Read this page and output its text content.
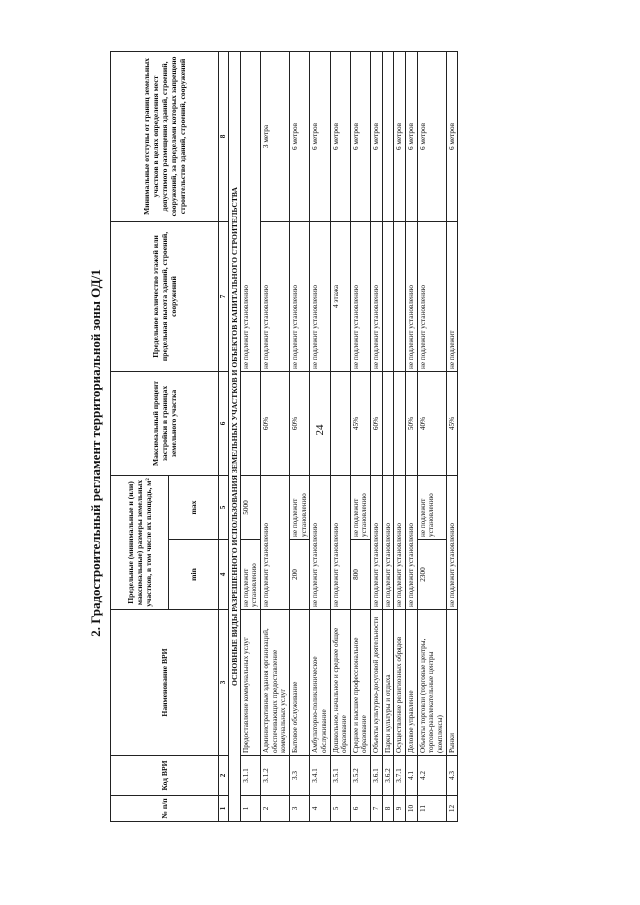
24
2. Градостроительный регламент территориальной зоны ОД/1
№ п/п	Код ВРИ	Наименование ВРИ	Предельные (минимальные и (или) максимальные) размеры земельных участков, в том числе их площадь, м²		Максимальный процент застройки в границах земельного участка	Предельное количество этажей или предельная высота зданий, строений, сооружений	Минимальные отступы от границ земельных участков в целях определения мест допустимого размещения зданий, строений, сооружений, за пределами которых запрещено строительство зданий, строений, сооружений
			min	max			
1	2	3	4	5	6	7	8
ОСНОВНЫЕ ВИДЫ РАЗРЕШЕННОГО ИСПОЛЬЗОВАНИЯ ЗЕМЕЛЬНЫХ УЧАСТКОВ И ОБЪЕКТОВ КАПИТАЛЬНОГО СТРОИТЕЛЬСТВА							
1	3.1.1	Предоставление коммунальных услуг	не подлежит установлению	5000		не подлежит установлению	
2	3.1.2	Административные здания организаций, обеспечивающих предоставление коммунальных услуг	не подлежит установлению		60%	не подлежит установлению	3 метра
3	3.3	Бытовое обслуживание	200	не подлежит установлению	60%	не подлежит установлению	6 метров
4	3.4.1	Амбулаторно-поликлиническое обслуживание	не подлежит установлению			не подлежит установлению	6 метров
5	3.5.1	Дошкольное, начальное и среднее общее образование	не подлежит установлению			4 этажа	6 метров
6	3.5.2	Среднее и высшее профессиональное образование	800	не подлежит установлению	45%	не подлежит установлению	6 метров
7	3.6.1	Объекты культурно-досуговой деятельности	не подлежит установлению		60%	не подлежит установлению	6 метров
8	3.6.2	Парки культуры и отдыха	не подлежит установлению				
9	3.7.1	Осуществление религиозных обрядов	не подлежит установлению				6 метров
10	4.1	Деловое управление	не подлежит установлению		50%	не подлежит установлению	6 метров
11	4.2	Объекты торговли (торговые центры, торгово-развлекательные центры (комплексы)	2300	не подлежит установлению	40%	не подлежит установлению	6 метров
12	4.3	Рынки	не подлежит установлению		45%	не подлежит	6 метров
